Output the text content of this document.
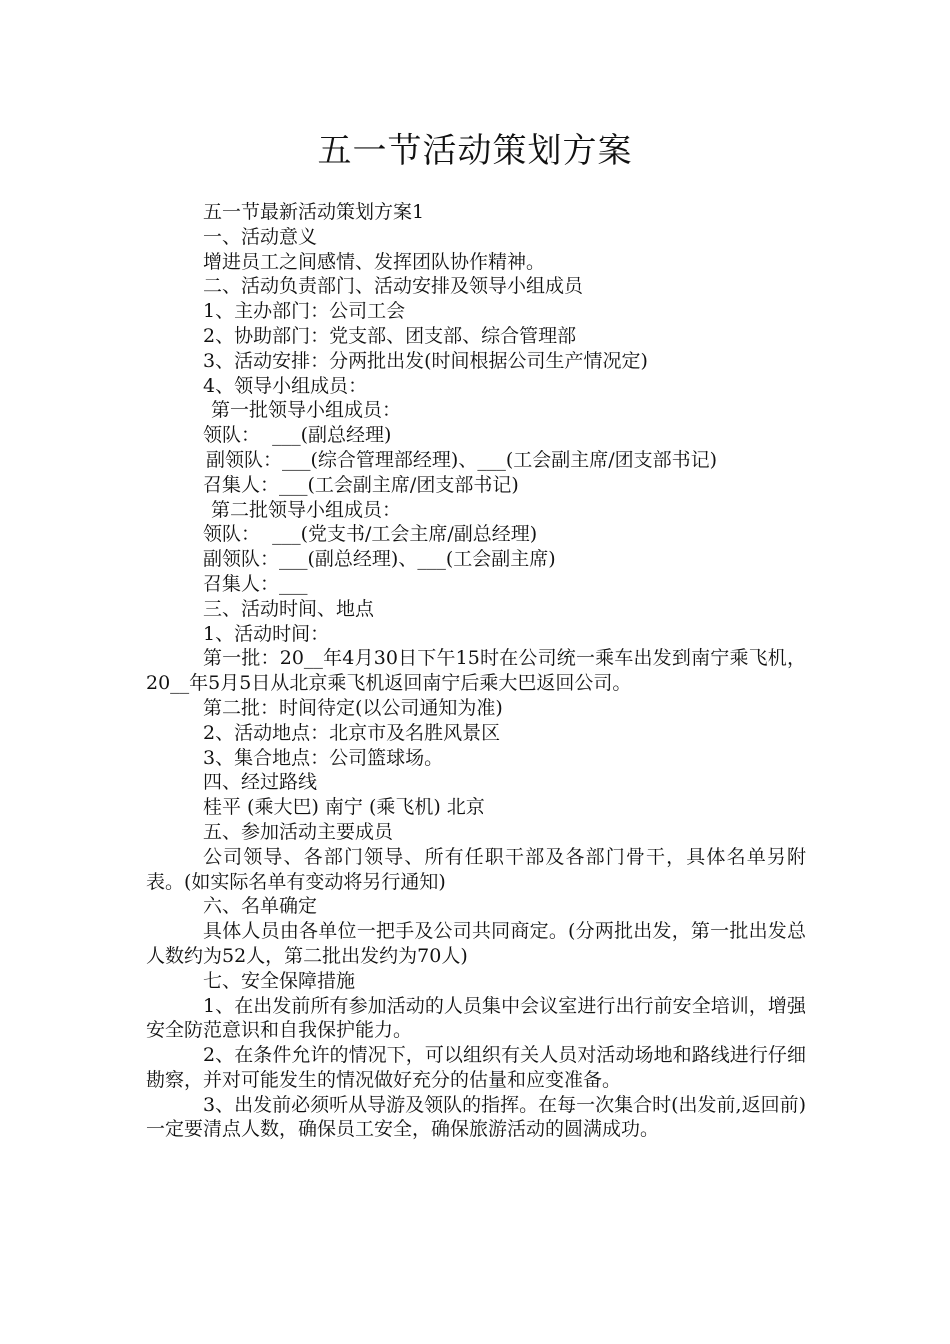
五一节活动策划方案

五一节最新活动策划方案1

一、活动意义

增进员工之间感情、发挥团队协作精神。

二、活动负责部门、活动安排及领导小组成员

1、主办部门：公司工会

2、协助部门：党支部、团支部、综合管理部

3、活动安排：分两批出发(时间根据公司生产情况定)

4、领导小组成员：

第一批领导小组成员：

领队：  ___(副总经理)

副领队：___(综合管理部经理)、___(工会副主席/团支部书记)

召集人：___(工会副主席/团支部书记)

第二批领导小组成员：

领队：  ___(党支书/工会主席/副总经理)

副领队：___(副总经理)、___(工会副主席)

召集人：___

三、活动时间、地点

1、活动时间：

第一批：20__年4月30日下午15时在公司统一乘车出发到南宁乘飞机，20__年5月5日从北京乘飞机返回南宁后乘大巴返回公司。

第二批：时间待定(以公司通知为准)

2、活动地点：北京市及名胜风景区

3、集合地点：公司篮球场。

四、经过路线

桂平 (乘大巴) 南宁 (乘飞机) 北京

五、参加活动主要成员

公司领导、各部门领导、所有任职干部及各部门骨干，具体名单另附表。(如实际名单有变动将另行通知)

六、名单确定

具体人员由各单位一把手及公司共同商定。(分两批出发，第一批出发总人数约为52人，第二批出发约为70人)

七、安全保障措施

1、在出发前所有参加活动的人员集中会议室进行出行前安全培训，增强安全防范意识和自我保护能力。

2、在条件允许的情况下，可以组织有关人员对活动场地和路线进行仔细勘察，并对可能发生的情况做好充分的估量和应变准备。

3、出发前必须听从导游及领队的指挥。在每一次集合时(出发前,返回前)一定要清点人数，确保员工安全，确保旅游活动的圆满成功。
